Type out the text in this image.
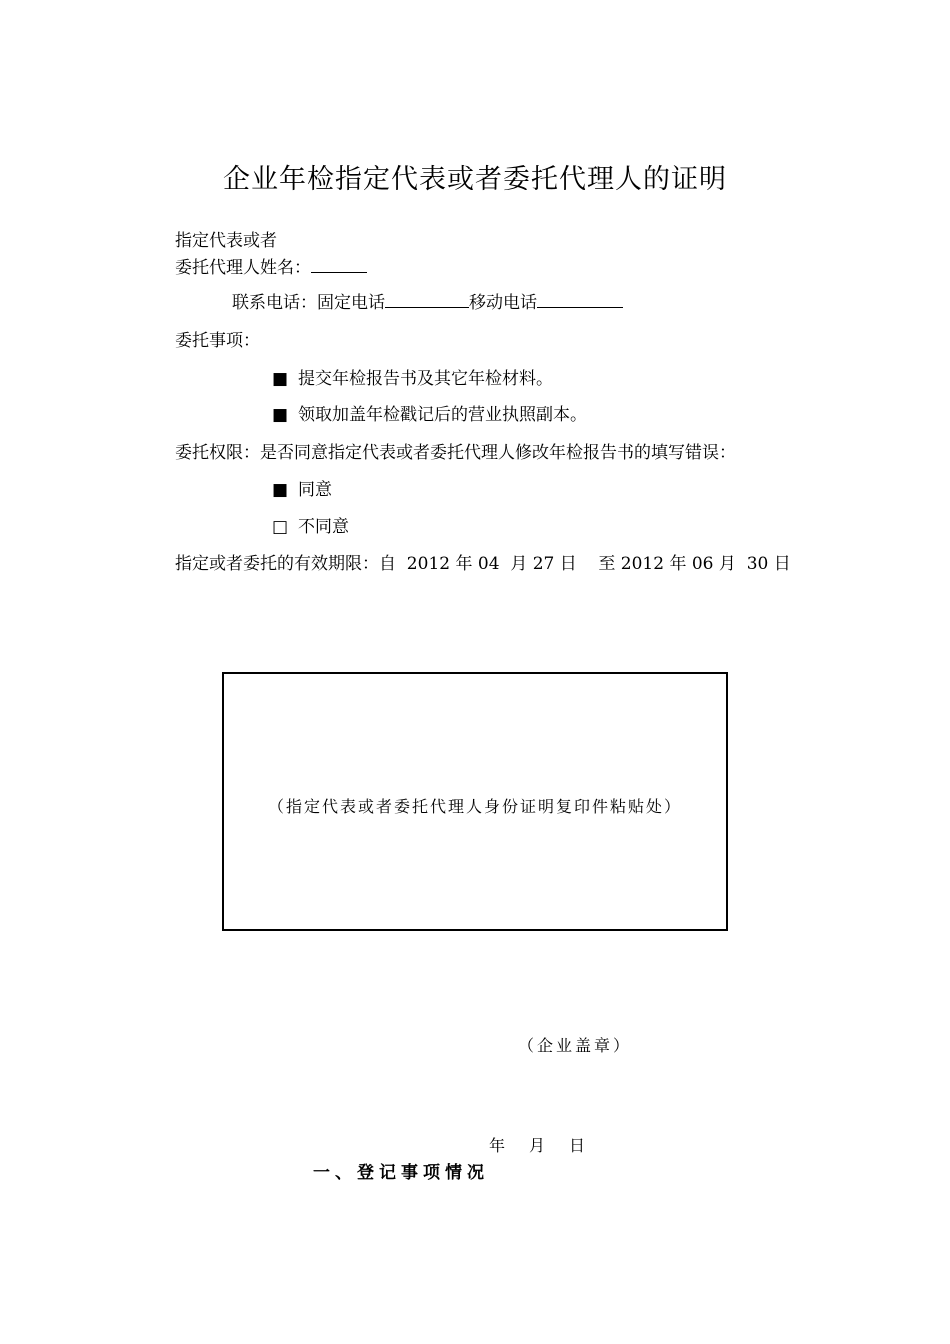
企业年检指定代表或者委托代理人的证明
指定代表或者
委托代理人姓名：
联系电话：固定电话	移动电话
委托事项：
■ 提交年检报告书及其它年检材料。
■ 领取加盖年检戳记后的营业执照副本。
委托权限：是否同意指定代表或者委托代理人修改年检报告书的填写错误：
■ 同意
□ 不同意
指定或者委托的有效期限：自  2012 年 04  月 27 日    至 2012 年 06 月  30 日
（指定代表或者委托代理人身份证明复印件粘贴处）
（企业盖章）
年 月 日
一、登记事项情况
